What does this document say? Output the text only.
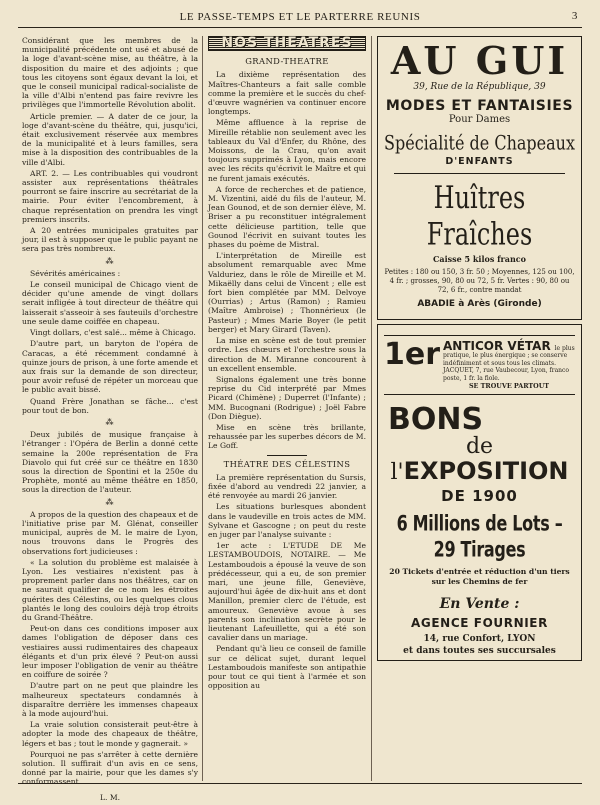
LE PASSE-TEMPS ET LE PARTERRE REUNIS	3

Considérant que les membres de la municipalité précédente ont usé et abusé de la loge d'avant-scène mise, au théâtre, à la disposition du maire et des adjoints ; que tous les citoyens sont égaux devant la loi, et que le conseil municipal radical-socialiste de la ville d'Albi n'entend pas faire revivre les privilèges que l'immortelle Révolution abolit.

Article premier. — A dater de ce jour, la loge d'avant-scène du théâtre, qui, jusqu'ici, était exclusivement réservée aux membres de la municipalité et à leurs familles, sera mise à la disposition des contribuables de la ville d'Albi.

ART. 2. — Les contribuables qui voudront assister aux représentations théâtrales pourront se faire inscrire au secrétariat de la mairie. Pour éviter l'encombrement, à chaque représentation on prendra les vingt premiers inscrits.

A 20 entrées municipales gratuites par jour, il est à supposer que le public payant ne sera pas très nombreux.

⁂

Sévérités américaines :

Le conseil municipal de Chicago vient de décider qu'une amende de vingt dollars serait infligée à tout directeur de théâtre qui laisserait s'asseoir à ses fauteuils d'orchestre une seule dame coiffée en chapeau.

Vingt dollars, c'est salé... même à Chicago.

D'autre part, un baryton de l'opéra de Caracas, a été récemment condamné à quinze jours de prison, à une forte amende et aux frais sur la demande de son directeur, pour avoir refusé de répéter un morceau que le public avait bissé.

Quand Frère Jonathan se fâche... c'est pour tout de bon.

⁂

Deux jubilés de musique française à l'étranger : l'Opéra de Berlin a donné cette semaine la 200e représentation de Fra Diavolo qui fut créé sur ce théâtre en 1830 sous la direction de Spontini et la 250e du Prophète, monté au même théâtre en 1850, sous la direction de l'auteur.

⁂

A propos de la question des chapeaux et de l'initiative prise par M. Glénat, conseiller municipal, auprès de M. le maire de Lyon, nous trouvons dans le Progrès des observations fort judicieuses :

« La solution du problème est malaisée à Lyon. Les vestiaires n'existent pas à proprement parler dans nos théâtres, car on ne saurait qualifier de ce nom les étroites guérites des Célestins, ou les quelques clous plantés le long des couloirs déjà trop étroits du Grand-Théâtre.

Peut-on dans ces conditions imposer aux dames l'obligation de déposer dans ces vestiaires aussi rudimentaires des chapeaux élégants et d'un prix élevé ? Peut-on aussi leur imposer l'obligation de venir au théâtre en coiffure de soirée ?

D'autre part on ne peut que plaindre les malheureux spectateurs condamnés à disparaître derrière les immenses chapeaux à la mode aujourd'hui.

La vraie solution consisterait peut-être à adopter la mode des chapeaux de théâtre, légers et bas ; tout le monde y gagnerait. »

Pourquoi ne pas s'arrêter à cette dernière solution. Il suffirait d'un avis en ce sens, donné par la mairie, pour que les dames s'y conformassent.

L. M.
NOS THEATRES
GRAND-THEATRE

La dixième représentation des Maîtres-Chanteurs a fait salle comble comme la première et le succès du chef-d'œuvre wagnérien va continuer encore longtemps.

Même affluence à la reprise de Mireille rétablie non seulement avec les tableaux du Val d'Enfer, du Rhône, des Moissons, de la Crau, qu'on avait toujours supprimés à Lyon, mais encore avec les récits qu'écrivit le Maître et qui ne furent jamais exécutés.

A force de recherches et de patience, M. Vizentini, aidé du fils de l'auteur, M. Jean Gounod, et de son dernier élève, M. Briser a pu reconstituer intégralement cette délicieuse partition, telle que Gounod l'écrivit en suivant toutes les phases du poème de Mistral.

L'interprétation de Mireille est absolument remarquable avec Mme Valduriez, dans le rôle de Mireille et M. Mikaëlly dans celui de Vincent ; elle est fort bien complétée par MM. Delvoye (Ourrias) ; Artus (Ramon) ; Ramieu (Maître Ambroise) ; Thonnérieux (le Pasteur) ; Mmes Marie Boyer (le petit berger) et Mary Girard (Taven).

La mise en scène est de tout premier ordre. Les chœurs et l'orchestre sous la direction de M. Miranne concourent à un excellent ensemble.

Signalons également une très bonne reprise du Cid interprété par Mmes Picard (Chimène) ; Duperret (l'Infante) ; MM. Bucognani (Rodrigue) ; Joël Fabre (Don Diègue).

Mise en scène très brillante, rehaussée par les superbes décors de M. Le Goff.

THÉATRE DES CÉLESTINS

La première représentation du Sursis, fixée d'abord au vendredi 22 janvier, a été renvoyée au mardi 26 janvier.

Les situations burlesques abondent dans le vaudeville en trois actes de MM. Sylvane et Gascogne ; on peut du reste en juger par l'analyse suivante :

1er acte : L'ETUDE DE Me LESTAMBOUDOIS, NOTAIRE. — Me Lestamboudois a épousé la veuve de son prédécesseur, qui a eu, de son premier mari, une jeune fille, Geneviève, aujourd'hui âgée de dix-huit ans et dont Manillon, premier clerc de l'étude, est amoureux. Geneviève avoue à ses parents son inclination secrète pour le lieutenant Lafeuillette, qui a été son cavalier dans un mariage.

Pendant qu'à lieu ce conseil de famille sur ce délicat sujet, durant lequel Lestamboudois manifeste son antipathie pour tout ce qui tient à l'armée et son opposition au

AU GUI
39, Rue de la République, 39
MODES ET FANTAISIES
Pour Dames
Spécialité de Chapeaux
D'ENFANTS
Huîtres Fraîches
Caisse 5 kilos franco
Petites : 180 ou 150, 3 fr. 50 ; Moyennes, 125 ou 100, 4 fr. ; grosses, 90, 80 ou 72, 5 fr. Vertes : 90, 80 ou 72, 6 fr., contre mandat
ABADIE à Arès (Gironde)
1er ANTICOR VÉTAR le plus pratique, le plus énergique ; se conserve indéfiniment et sous tous les climats. JACQUET, 7, rue Vaubecour, Lyon, franco poste, 1 fr. la fiole.
SE TROUVE PARTOUT
BONS
de l'EXPOSITION
DE 1900
6 Millions de Lots – 29 Tirages
20 Tickets d'entrée et réduction d'un tiers sur les Chemins de fer
En Vente :
AGENCE FOURNIER
14, rue Confort, LYON
et dans toutes ses succursales
